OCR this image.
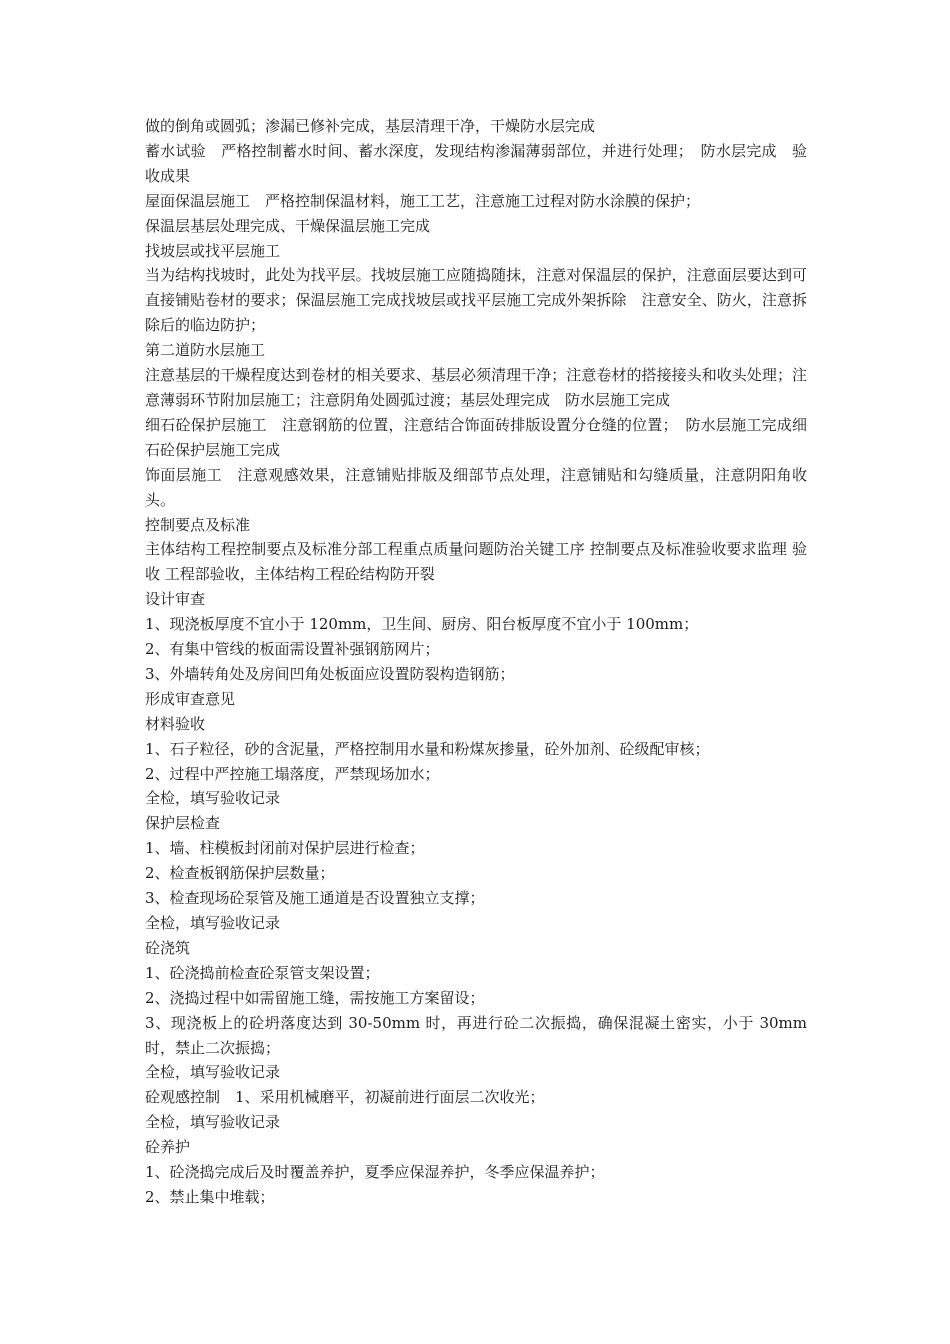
做的倒角或圆弧；渗漏已修补完成，基层清理干净，干燥防水层完成

蓄水试验　严格控制蓄水时间、蓄水深度，发现结构渗漏薄弱部位，并进行处理；　防水层完成　验收成果

屋面保温层施工　严格控制保温材料，施工工艺，注意施工过程对防水涂膜的保护；

保温层基层处理完成、干燥保温层施工完成

找坡层或找平层施工

当为结构找坡时，此处为找平层。找坡层施工应随捣随抹，注意对保温层的保护，注意面层要达到可直接铺贴卷材的要求；保温层施工完成找坡层或找平层施工完成外架拆除　注意安全、防火，注意拆除后的临边防护；

第二道防水层施工

注意基层的干燥程度达到卷材的相关要求、基层必须清理干净；注意卷材的搭接接头和收头处理；注意薄弱环节附加层施工；注意阴角处圆弧过渡；基层处理完成　防水层施工完成

细石砼保护层施工　注意钢筋的位置，注意结合饰面砖排版设置分仓缝的位置；　防水层施工完成细石砼保护层施工完成

饰面层施工　注意观感效果，注意铺贴排版及细部节点处理，注意铺贴和勾缝质量，注意阴阳角收头。

控制要点及标准

主体结构工程控制要点及标准分部工程重点质量问题防治关键工序 控制要点及标准验收要求监理 验收 工程部验收，主体结构工程砼结构防开裂

设计审查

1、现浇板厚度不宜小于 120mm，卫生间、厨房、阳台板厚度不宜小于 100mm；

2、有集中管线的板面需设置补强钢筋网片；

3、外墙转角处及房间凹角处板面应设置防裂构造钢筋；

形成审查意见

材料验收

1、石子粒径，砂的含泥量，严格控制用水量和粉煤灰掺量，砼外加剂、砼级配审核；

2、过程中严控施工塌落度，严禁现场加水；

全检，填写验收记录

保护层检查

1、墙、柱模板封闭前对保护层进行检查；

2、检查板钢筋保护层数量；

3、检查现场砼泵管及施工通道是否设置独立支撑；

全检，填写验收记录

砼浇筑

1、砼浇捣前检查砼泵管支架设置；

2、浇捣过程中如需留施工缝，需按施工方案留设；

3、现浇板上的砼坍落度达到 30-50mm 时，再进行砼二次振捣，确保混凝土密实，小于 30mm 时，禁止二次振捣；

全检，填写验收记录

砼观感控制　1、采用机械磨平，初凝前进行面层二次收光；

全检，填写验收记录

砼养护

1、砼浇捣完成后及时覆盖养护，夏季应保湿养护，冬季应保温养护；

2、禁止集中堆载；
